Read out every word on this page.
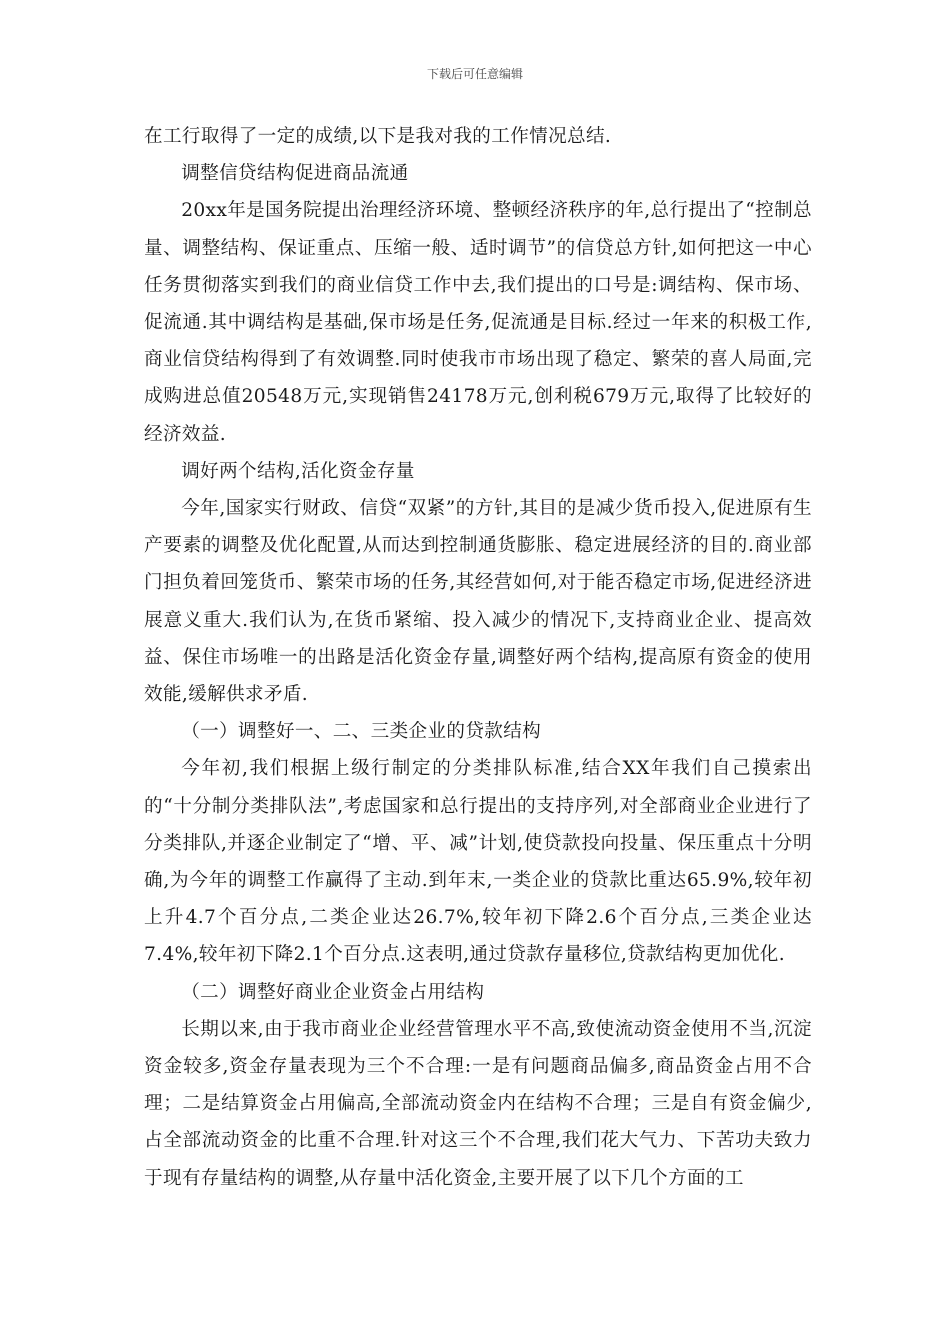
下载后可任意编辑

在工行取得了一定的成绩,以下是我对我的工作情况总结.

调整信贷结构促进商品流通

20xx年是国务院提出治理经济环境、整顿经济秩序的年,总行提出了“控制总量、调整结构、保证重点、压缩一般、适时调节”的信贷总方针,如何把这一中心任务贯彻落实到我们的商业信贷工作中去,我们提出的口号是:调结构、保市场、促流通.其中调结构是基础,保市场是任务,促流通是目标.经过一年来的积极工作,商业信贷结构得到了有效调整.同时使我市市场出现了稳定、繁荣的喜人局面,完成购进总值20548万元,实现销售24178万元,创利税679万元,取得了比较好的经济效益.

调好两个结构,活化资金存量

今年,国家实行财政、信贷“双紧”的方针,其目的是减少货币投入,促进原有生产要素的调整及优化配置,从而达到控制通货膨胀、稳定进展经济的目的.商业部门担负着回笼货币、繁荣市场的任务,其经营如何,对于能否稳定市场,促进经济进展意义重大.我们认为,在货币紧缩、投入减少的情况下,支持商业企业、提高效益、保住市场唯一的出路是活化资金存量,调整好两个结构,提高原有资金的使用效能,缓解供求矛盾.

（一）调整好一、二、三类企业的贷款结构

今年初,我们根据上级行制定的分类排队标准,结合XX年我们自己摸索出的“十分制分类排队法”,考虑国家和总行提出的支持序列,对全部商业企业进行了分类排队,并逐企业制定了“增、平、减”计划,使贷款投向投量、保压重点十分明确,为今年的调整工作赢得了主动.到年末,一类企业的贷款比重达65.9%,较年初上升4.7个百分点,二类企业达26.7%,较年初下降2.6个百分点,三类企业达7.4%,较年初下降2.1个百分点.这表明,通过贷款存量移位,贷款结构更加优化.

（二）调整好商业企业资金占用结构

长期以来,由于我市商业企业经营管理水平不高,致使流动资金使用不当,沉淀资金较多,资金存量表现为三个不合理:一是有问题商品偏多,商品资金占用不合理；二是结算资金占用偏高,全部流动资金内在结构不合理；三是自有资金偏少,占全部流动资金的比重不合理.针对这三个不合理,我们花大气力、下苦功夫致力于现有存量结构的调整,从存量中活化资金,主要开展了以下几个方面的工
